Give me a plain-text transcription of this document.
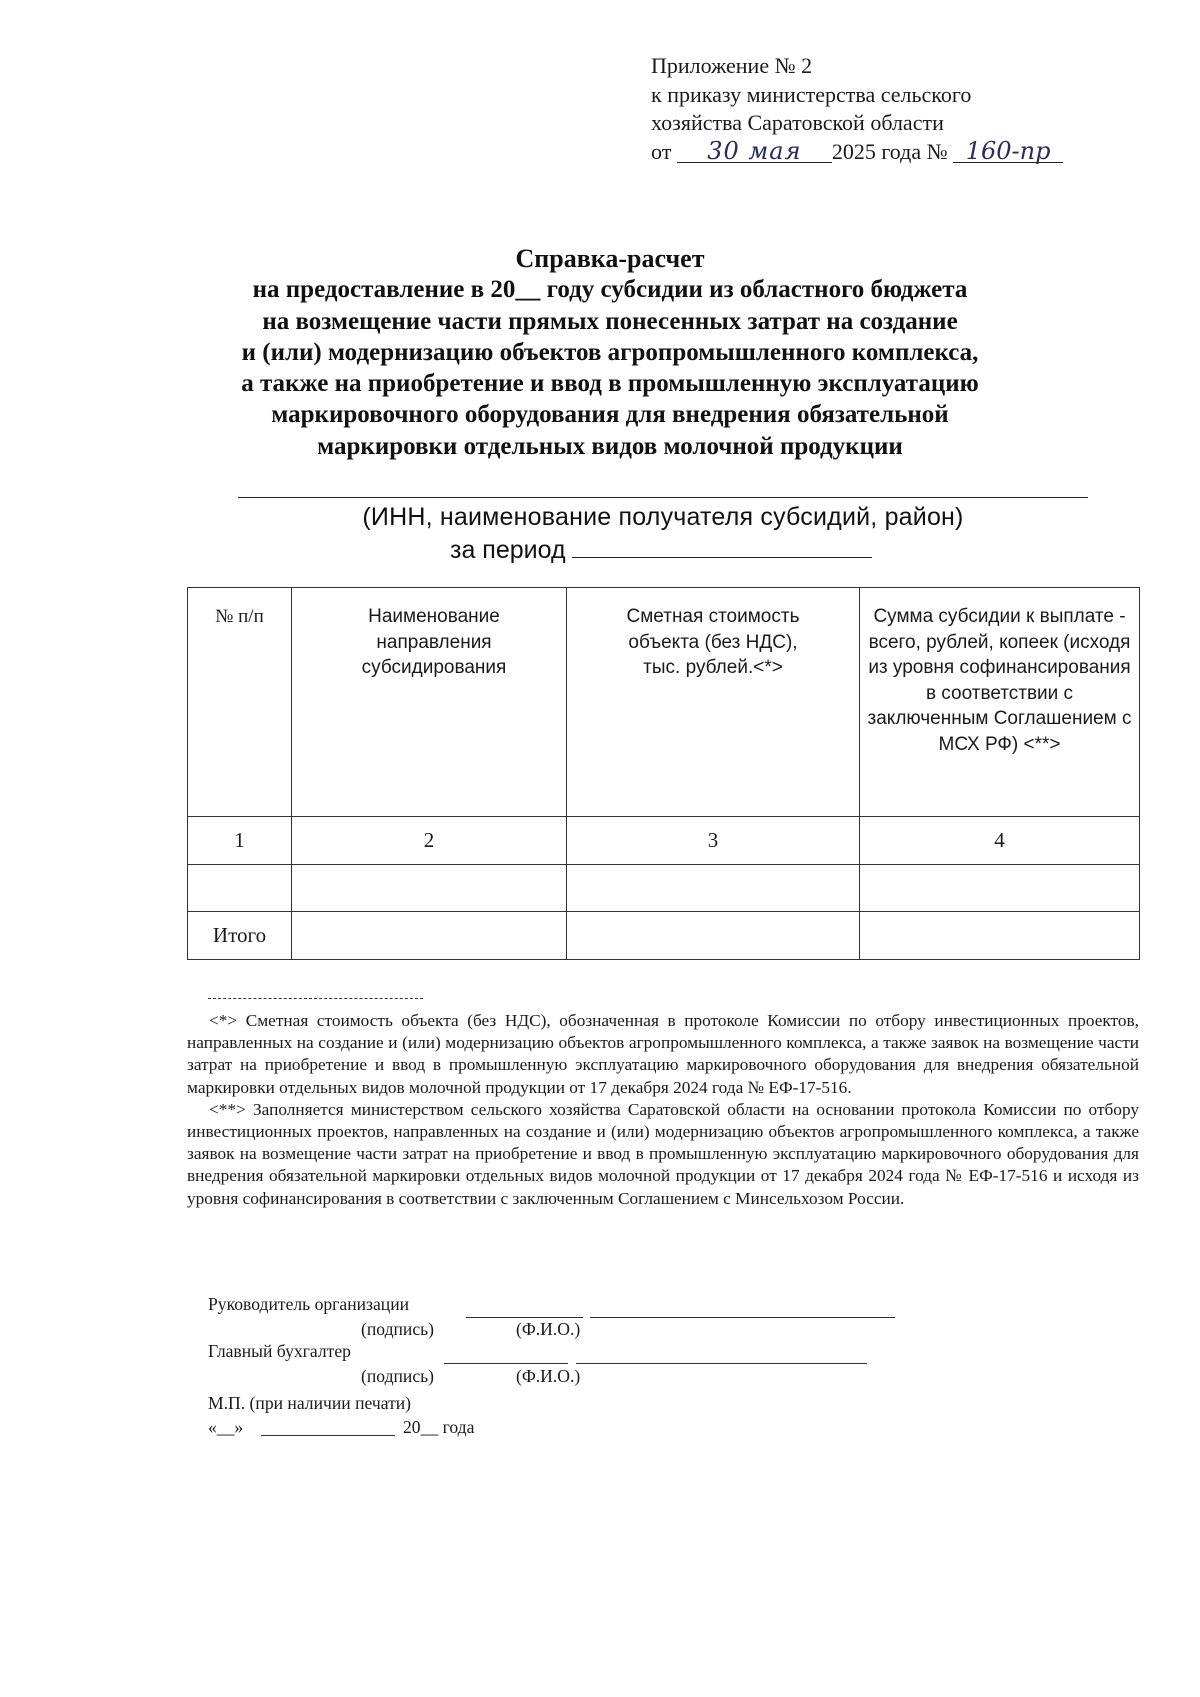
Приложение № 2
к приказу министерства сельского
хозяйства Саратовской области
от 30 мая 2025 года № 160-пр
Справка-расчет
на предоставление в 20__ году субсидии из областного бюджета
на возмещение части прямых понесенных затрат на создание
и (или) модернизацию объектов агропромышленного комплекса,
а также на приобретение и ввод в промышленную эксплуатацию
маркировочного оборудования для внедрения обязательной
маркировки отдельных видов молочной продукции
(ИНН, наименование получателя субсидий, район)
за период
№ п/п	Наименование направления субсидирования	Сметная стоимость объекта (без НДС), тыс. рублей.<*>	Сумма субсидии к выплате - всего, рублей, копеек (исходя из уровня софинансирования в соответствии с заключенным Соглашением с МСХ РФ) <**>
1	2	3	4

Итого			

<*> Сметная стоимость объекта (без НДС), обозначенная в протоколе Комиссии по отбору инвестиционных проектов, направленных на создание и (или) модернизацию объектов агропромышленного комплекса, а также заявок на возмещение части затрат на приобретение и ввод в промышленную эксплуатацию маркировочного оборудования для внедрения обязательной маркировки отдельных видов молочной продукции от 17 декабря 2024 года № ЕФ-17-516.

<**> Заполняется министерством сельского хозяйства Саратовской области на основании протокола Комиссии по отбору инвестиционных проектов, направленных на создание и (или) модернизацию объектов агропромышленного комплекса, а также заявок на возмещение части затрат на приобретение и ввод в промышленную эксплуатацию маркировочного оборудования для внедрения обязательной маркировки отдельных видов молочной продукции от 17 декабря 2024 года № ЕФ-17-516 и исходя из уровня софинансирования в соответствии с заключенным Соглашением с Минсельхозом России.

Руководитель организации
(подпись)	(Ф.И.О.)
Главный бухгалтер
(подпись)	(Ф.И.О.)
М.П. (при наличии печати)
«__»	20__ года
